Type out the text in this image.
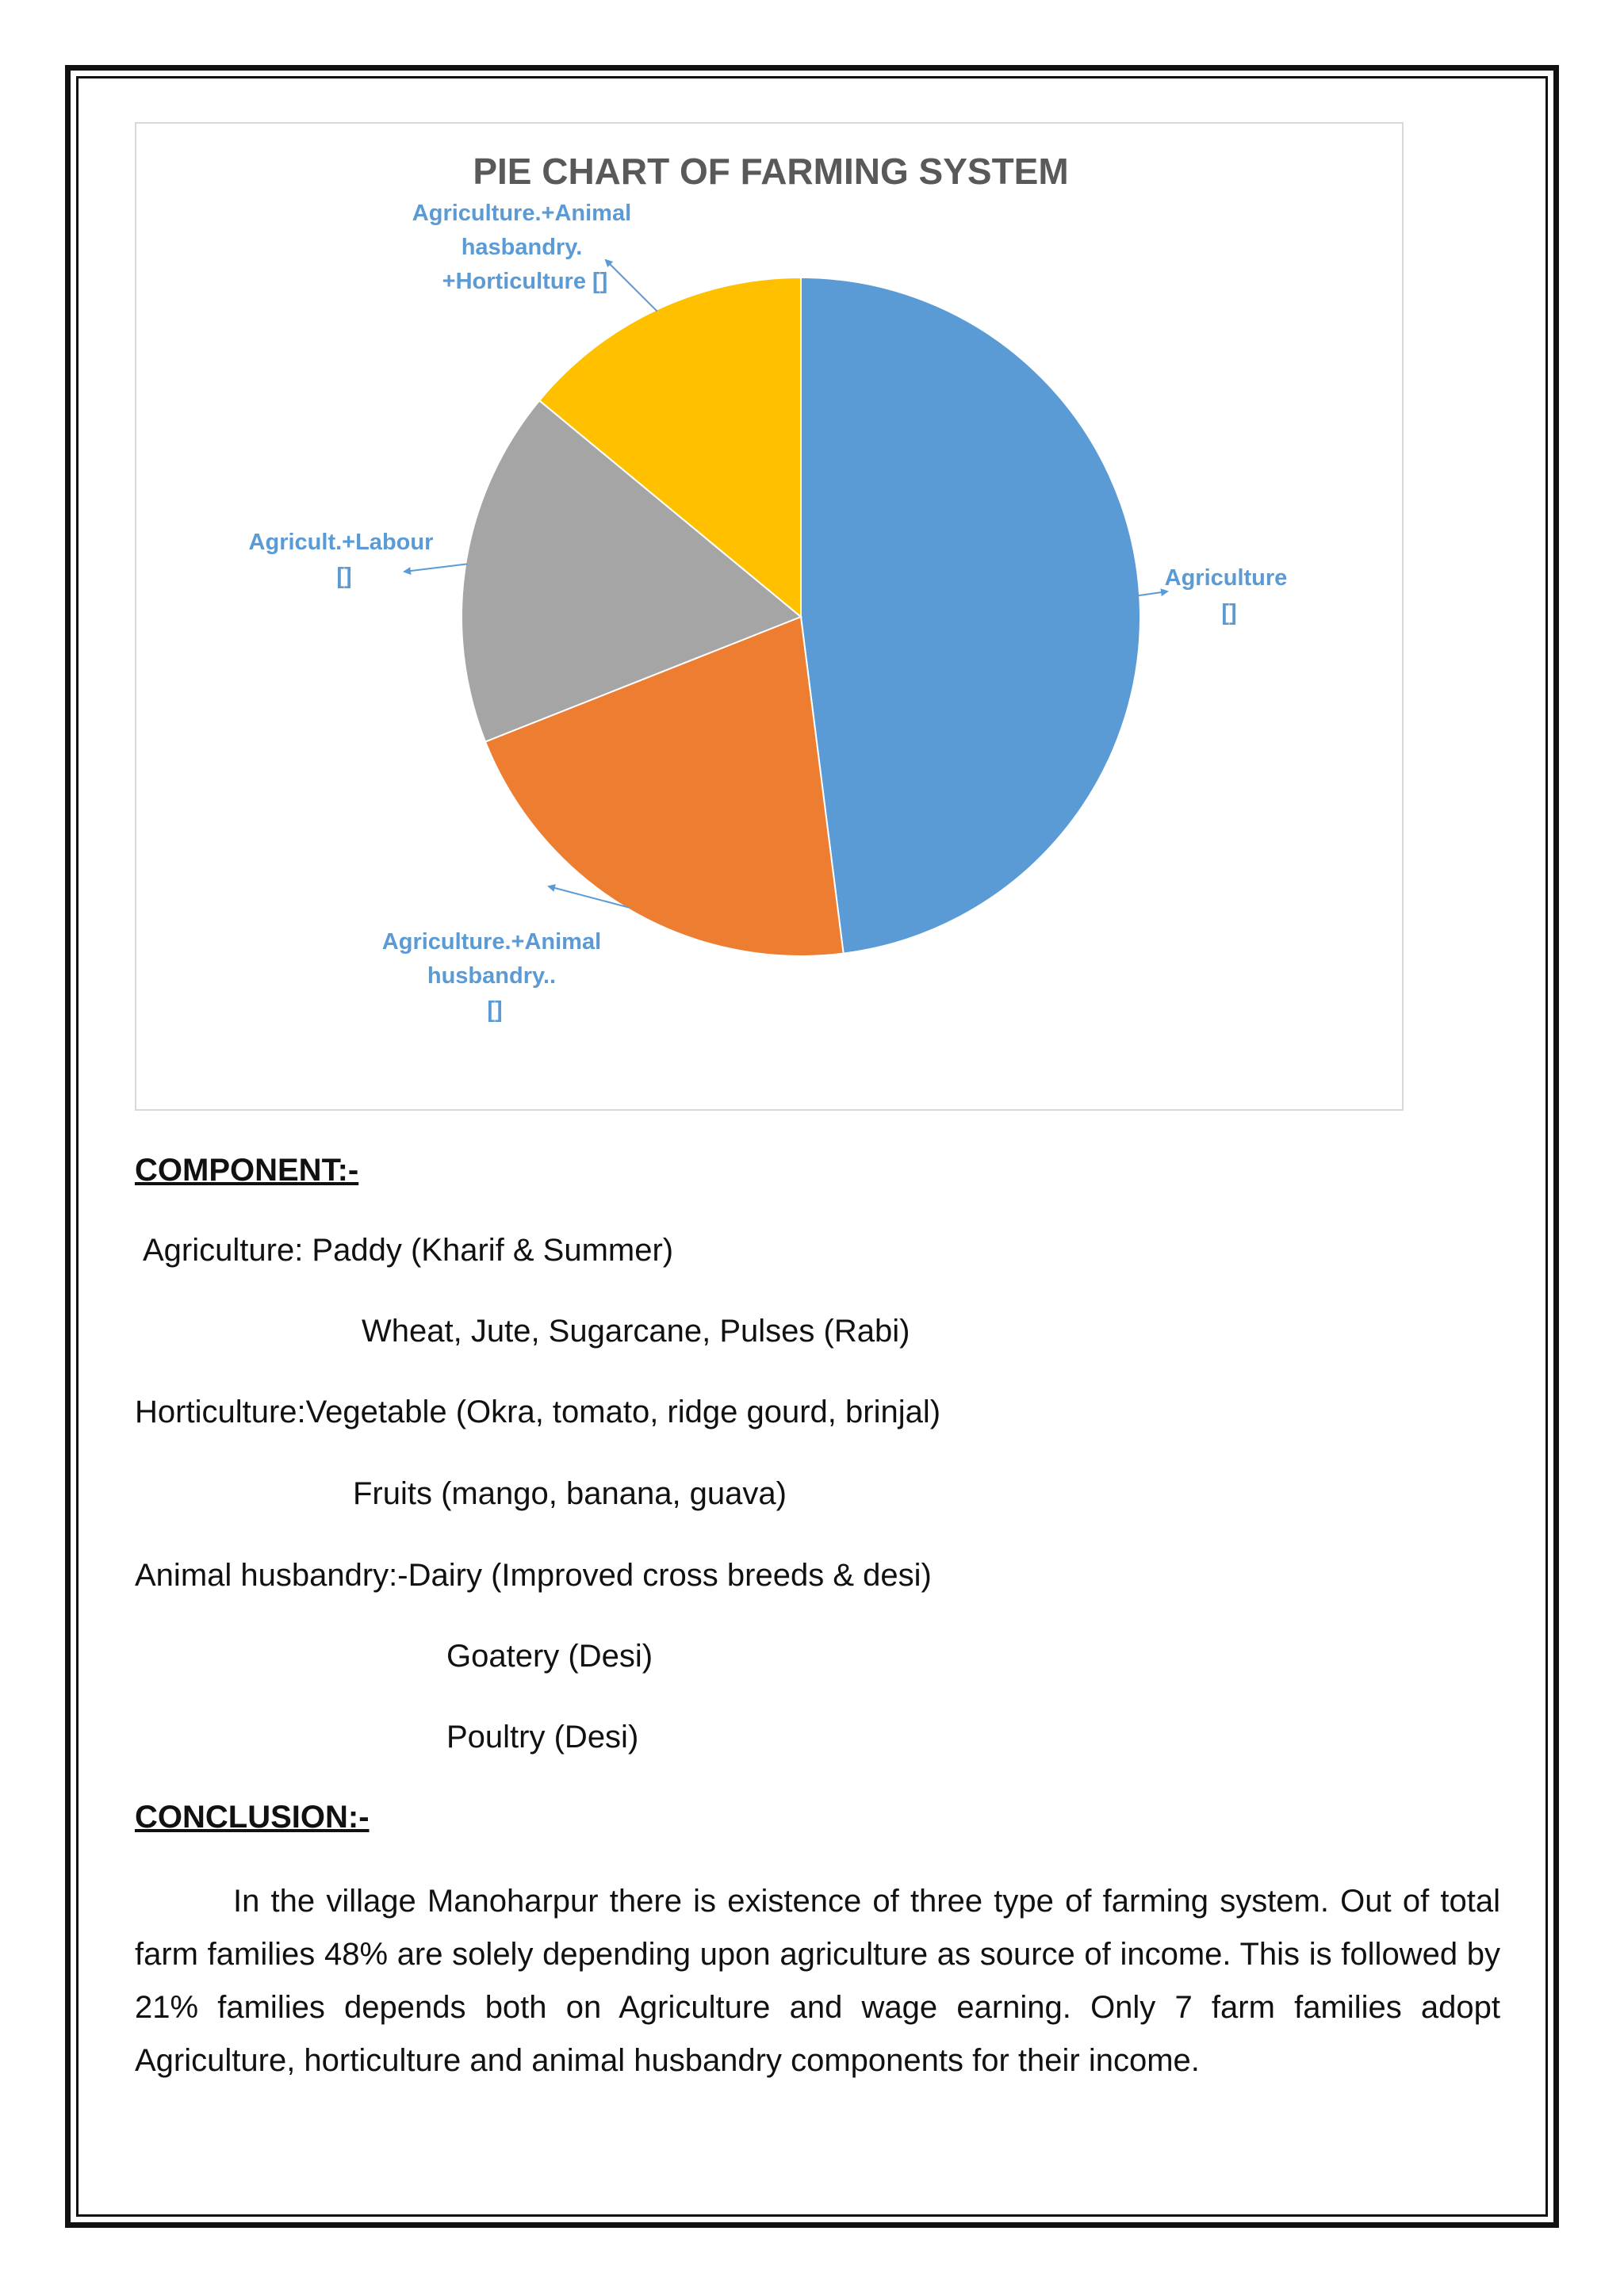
PIE CHART OF FARMING SYSTEM
Agriculture []
Agriculture.+Animal husbandry.. []
Agricult.+Labour []
Agriculture.+Animal hasbandry. +Horticulture []
COMPONENT:-
Agriculture: Paddy (Kharif & Summer)
Wheat, Jute, Sugarcane, Pulses (Rabi)
Horticulture:Vegetable (Okra, tomato, ridge gourd, brinjal)
Fruits (mango, banana, guava)
Animal husbandry:-Dairy (Improved cross breeds & desi)
Goatery (Desi)
Poultry (Desi)
CONCLUSION:-
In the village Manoharpur there is existence of three type of farming system. Out of total farm families 48% are solely depending upon agriculture as source of income. This is followed by 21% families depends both on Agriculture and wage earning. Only 7 farm families adopt Agriculture, horticulture and animal husbandry components for their income.
